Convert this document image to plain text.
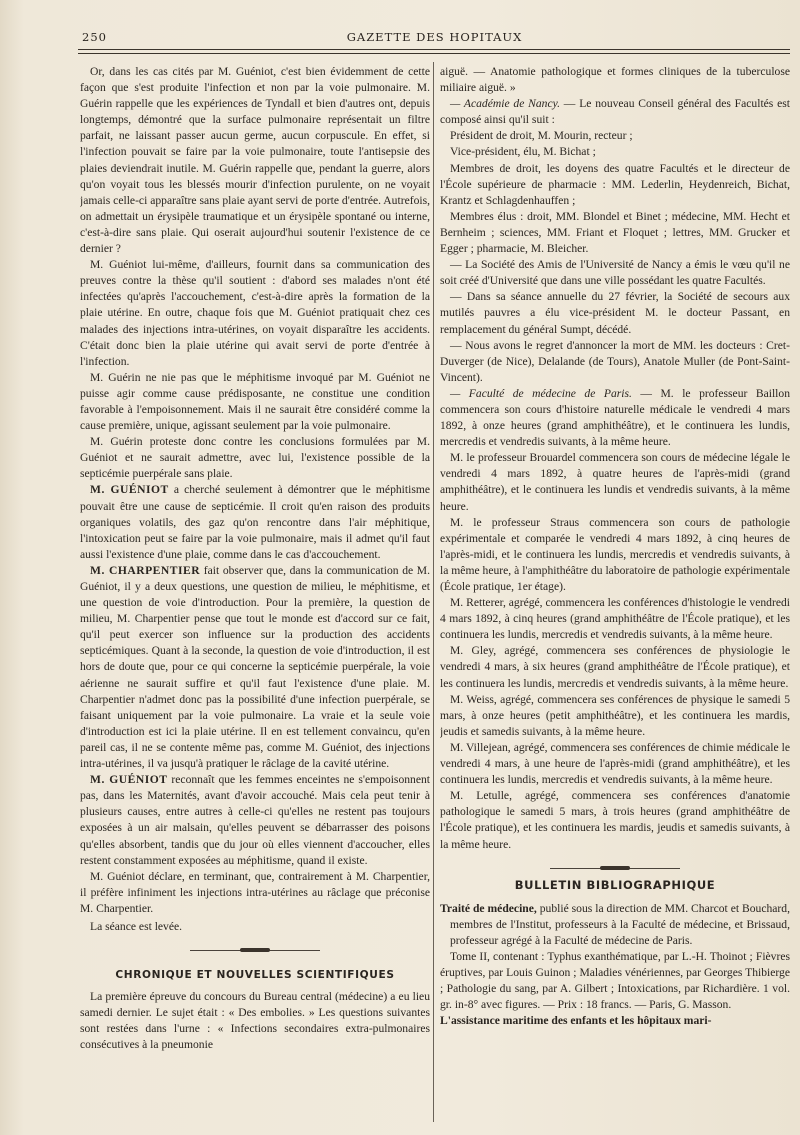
250	GAZETTE DES HOPITAUX

Or, dans les cas cités par M. Guéniot, c'est bien évidemment de cette façon que s'est produite l'infection et non par la voie pulmonaire. M. Guérin rappelle que les expériences de Tyndall et bien d'autres ont, depuis longtemps, démontré que la surface pulmonaire représentait un filtre parfait, ne laissant passer aucun germe, aucun corpuscule. En effet, si l'infection pouvait se faire par la voie pulmonaire, toute l'antisepsie des plaies deviendrait inutile. M. Guérin rappelle que, pendant la guerre, alors qu'on voyait tous les blessés mourir d'infection purulente, on ne voyait jamais celle-ci apparaître sans plaie ayant servi de porte d'entrée. Autrefois, on admettait un érysipèle traumatique et un érysipèle spontané ou interne, c'est-à-dire sans plaie. Qui oserait aujourd'hui soutenir l'existence de ce dernier ?

M. Guéniot lui-même, d'ailleurs, fournit dans sa communication des preuves contre la thèse qu'il soutient : d'abord ses malades n'ont été infectées qu'après l'accouchement, c'est-à-dire après la formation de la plaie utérine. En outre, chaque fois que M. Guéniot pratiquait chez ces malades des injections intra-utérines, on voyait disparaître les accidents. C'était donc bien la plaie utérine qui avait servi de porte d'entrée à l'infection.

M. Guérin ne nie pas que le méphitisme invoqué par M. Guéniot ne puisse agir comme cause prédisposante, ne constitue une condition favorable à l'empoisonnement. Mais il ne saurait être considéré comme la cause première, unique, agissant seulement par la voie pulmonaire.

M. Guérin proteste donc contre les conclusions formulées par M. Guéniot et ne saurait admettre, avec lui, l'existence possible de la septicémie puerpérale sans plaie.

M. GUÉNIOT a cherché seulement à démontrer que le méphitisme pouvait être une cause de septicémie. Il croit qu'en raison des produits organiques volatils, des gaz qu'on rencontre dans l'air méphitique, l'intoxication peut se faire par la voie pulmonaire, mais il admet qu'il faut aussi l'existence d'une plaie, comme dans le cas d'accouchement.

M. CHARPENTIER fait observer que, dans la communication de M. Guéniot, il y a deux questions, une question de milieu, le méphitisme, et une question de voie d'introduction. Pour la première, la question de milieu, M. Charpentier pense que tout le monde est d'accord sur ce fait, qu'il peut exercer son influence sur la production des accidents septicémiques. Quant à la seconde, la question de voie d'introduction, il est hors de doute que, pour ce qui concerne la septicémie puerpérale, la voie aérienne ne saurait suffire et qu'il faut l'existence d'une plaie. M. Charpentier n'admet donc pas la possibilité d'une infection puerpérale, se faisant uniquement par la voie pulmonaire. La vraie et la seule voie d'introduction est ici la plaie utérine. Il en est tellement convaincu, qu'en pareil cas, il ne se contente même pas, comme M. Guéniot, des injections intra-utérines, il va jusqu'à pratiquer le râclage de la cavité utérine.

M. GUÉNIOT reconnaît que les femmes enceintes ne s'empoisonnent pas, dans les Maternités, avant d'avoir accouché. Mais cela peut tenir à plusieurs causes, entre autres à celle-ci qu'elles ne restent pas toujours exposées à un air malsain, qu'elles peuvent se débarrasser des poisons qu'elles absorbent, tandis que du jour où elles viennent d'accoucher, elles restent constamment exposées au méphitisme, quand il existe.

M. Guéniot déclare, en terminant, que, contrairement à M. Charpentier, il préfère infiniment les injections intra-utérines au râclage que préconise M. Charpentier.

La séance est levée.

CHRONIQUE ET NOUVELLES SCIENTIFIQUES

La première épreuve du concours du Bureau central (médecine) a eu lieu samedi dernier. Le sujet était : « Des embolies. » Les questions suivantes sont restées dans l'urne : « Infections secondaires extra-pulmonaires consécutives à la pneumonie

aiguë. — Anatomie pathologique et formes cliniques de la tuberculose miliaire aiguë. »

— Académie de Nancy. — Le nouveau Conseil général des Facultés est composé ainsi qu'il suit :

Président de droit, M. Mourin, recteur ;

Vice-président, élu, M. Bichat ;

Membres de droit, les doyens des quatre Facultés et le directeur de l'École supérieure de pharmacie : MM. Lederlin, Heydenreich, Bichat, Krantz et Schlagdenhauffen ;

Membres élus : droit, MM. Blondel et Binet ; médecine, MM. Hecht et Bernheim ; sciences, MM. Friant et Floquet ; lettres, MM. Grucker et Egger ; pharmacie, M. Bleicher.

— La Société des Amis de l'Université de Nancy a émis le vœu qu'il ne soit créé d'Université que dans une ville possédant les quatre Facultés.

— Dans sa séance annuelle du 27 février, la Société de secours aux mutilés pauvres a élu vice-président M. le docteur Passant, en remplacement du général Sumpt, décédé.

— Nous avons le regret d'annoncer la mort de MM. les docteurs : Cret-Duverger (de Nice), Delalande (de Tours), Anatole Muller (de Pont-Saint-Vincent).

— Faculté de médecine de Paris. — M. le professeur Baillon commencera son cours d'histoire naturelle médicale le vendredi 4 mars 1892, à onze heures (grand amphithéâtre), et le continuera les lundis, mercredis et vendredis suivants, à la même heure.

M. le professeur Brouardel commencera son cours de médecine légale le vendredi 4 mars 1892, à quatre heures de l'après-midi (grand amphithéâtre), et le continuera les lundis et vendredis suivants, à la même heure.

M. le professeur Straus commencera son cours de pathologie expérimentale et comparée le vendredi 4 mars 1892, à cinq heures de l'après-midi, et le continuera les lundis, mercredis et vendredis suivants, à la même heure, à l'amphithéâtre du laboratoire de pathologie expérimentale (École pratique, 1er étage).

M. Retterer, agrégé, commencera les conférences d'histologie le vendredi 4 mars 1892, à cinq heures (grand amphithéâtre de l'École pratique), et les continuera les lundis, mercredis et vendredis suivants, à la même heure.

M. Gley, agrégé, commencera ses conférences de physiologie le vendredi 4 mars, à six heures (grand amphithéâtre de l'École pratique), et les continuera les lundis, mercredis et vendredis suivants, à la même heure.

M. Weiss, agrégé, commencera ses conférences de physique le samedi 5 mars, à onze heures (petit amphithéâtre), et les continuera les mardis, jeudis et samedis suivants, à la même heure.

M. Villejean, agrégé, commencera ses conférences de chimie médicale le vendredi 4 mars, à une heure de l'après-midi (grand amphithéâtre), et les continuera les lundis, mercredis et vendredis suivants, à la même heure.

M. Letulle, agrégé, commencera ses conférences d'anatomie pathologique le samedi 5 mars, à trois heures (grand amphithéâtre de l'École pratique), et les continuera les mardis, jeudis et samedis suivants, à la même heure.

BULLETIN BIBLIOGRAPHIQUE

Traité de médecine, publié sous la direction de MM. Charcot et Bouchard, membres de l'Institut, professeurs à la Faculté de médecine, et Brissaud, professeur agrégé à la Faculté de médecine de Paris.

Tome II, contenant : Typhus exanthématique, par L.-H. Thoinot ; Fièvres éruptives, par Louis Guinon ; Maladies vénériennes, par Georges Thibierge ; Pathologie du sang, par A. Gilbert ; Intoxications, par Richardière. 1 vol. gr. in-8° avec figures. — Prix : 18 francs. — Paris, G. Masson.

L'assistance maritime des enfants et les hôpitaux mari-
